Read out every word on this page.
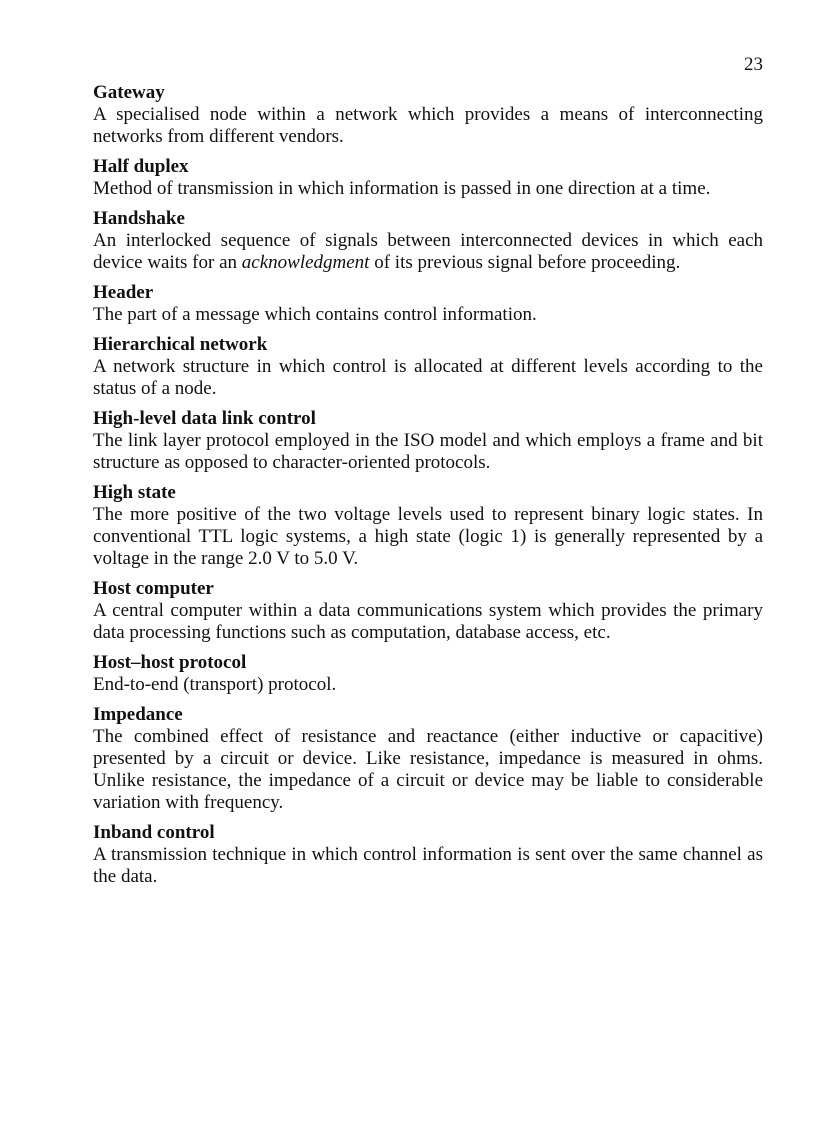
23

Gateway

A specialised node within a network which provides a means of interconnecting networks from different vendors.

Half duplex

Method of transmission in which information is passed in one direction at a time.

Handshake

An interlocked sequence of signals between interconnected devices in which each device waits for an acknowledgment of its previous signal before proceeding.

Header

The part of a message which contains control information.

Hierarchical network

A network structure in which control is allocated at different levels according to the status of a node.

High-level data link control

The link layer protocol employed in the ISO model and which employs a frame and bit structure as opposed to character-oriented protocols.

High state

The more positive of the two voltage levels used to represent binary logic states. In conventional TTL logic systems, a high state (logic 1) is generally represented by a voltage in the range 2.0 V to 5.0 V.

Host computer

A central computer within a data communications system which provides the primary data processing functions such as computation, database access, etc.

Host–host protocol

End-to-end (transport) protocol.

Impedance

The combined effect of resistance and reactance (either inductive or capacitive) presented by a circuit or device. Like resistance, impedance is measured in ohms. Unlike resistance, the impedance of a circuit or device may be liable to considerable variation with frequency.

Inband control

A transmission technique in which control information is sent over the same channel as the data.
